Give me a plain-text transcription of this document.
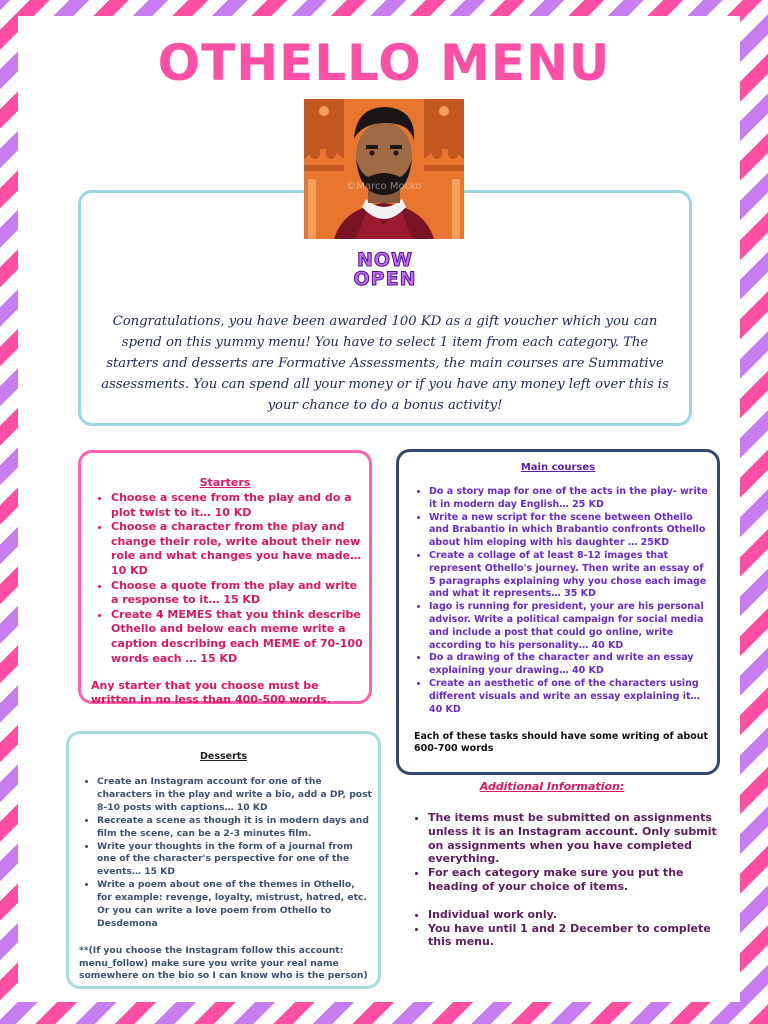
OTHELLO MENU
NOW
OPEN
Congratulations, you have been awarded 100 KD as a gift voucher which you can spend on this yummy menu! You have to select 1 item from each category. The starters and desserts are Formative Assessments, the main courses are Summative assessments. You can spend all your money or if you have any money left over this is your chance to do a bonus activity!
©Marco Mocko
Starters
• Choose a scene from the play and do a plot twist to it… 10 KD
• Choose a character from the play and change their role, write about their new role and what changes you have made… 10 KD
• Choose a quote from the play and write a response to it… 15 KD
• Create 4 MEMES that you think describe Othello and below each meme write a caption describing each MEME of 70-100 words each … 15 KD
Any starter that you choose must be written in no less than 400-500 words.
Main courses
• Do a story map for one of the acts in the play- write it in modern day English… 25 KD
• Write a new script for the scene between Othello and Brabantio in which Brabantio confronts Othello about him eloping with his daughter … 25KD
• Create a collage of at least 8-12 images that represent Othello's journey. Then write an essay of 5 paragraphs explaining why you chose each image and what it represents… 35 KD
• Iago is running for president, your are his personal advisor. Write a political campaign for social media and include a post that could go online, write according to his personality… 40 KD
• Do a drawing of the character and write an essay explaining your drawing… 40 KD
• Create an aesthetic of one of the characters using different visuals and write an essay explaining it… 40 KD
Each of these tasks should have some writing of about 600-700 words
Desserts
• Create an Instagram account for one of the characters in the play and write a bio, add a DP, post 8-10 posts with captions… 10 KD
• Recreate a scene as though it is in modern days and film the scene, can be a 2-3 minutes film.
• Write your thoughts in the form of a journal from one of the character's perspective for one of the events… 15 KD
• Write a poem about one of the themes in Othello, for example: revenge, loyalty, mistrust, hatred, etc. Or you can write a love poem from Othello to Desdemona
**(If you choose the Instagram follow this account: menu_follow) make sure you write your real name somewhere on the bio so I can know who is the person)
Additional Information:
• The items must be submitted on assignments unless it is an Instagram account. Only submit on assignments when you have completed everything.
• For each category make sure you put the heading of your choice of items.
• Individual work only.
• You have until 1 and 2 December to complete this menu.
